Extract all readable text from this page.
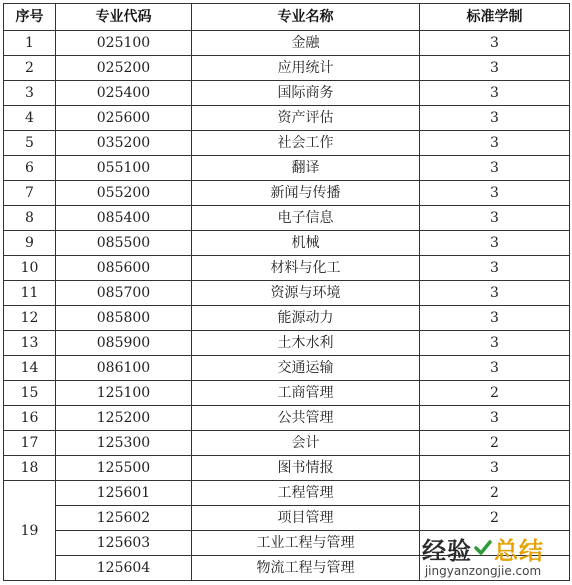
序号	专业代码	专业名称	标准学制
1	025100	金融	3
2	025200	应用统计	3
3	025400	国际商务	3
4	025600	资产评估	3
5	035200	社会工作	3
6	055100	翻译	3
7	055200	新闻与传播	3
8	085400	电子信息	3
9	085500	机械	3
10	085600	材料与化工	3
11	085700	资源与环境	3
12	085800	能源动力	3
13	085900	土木水利	3
14	086100	交通运输	3
15	125100	工商管理	2
16	125200	公共管理	3
17	125300	会计	2
18	125500	图书情报	3
19	125601	工程管理	2
	125602	项目管理	2
	125603	工业工程与管理	
	125604	物流工程与管理	
经验 总结
jingyanzongjie.com
